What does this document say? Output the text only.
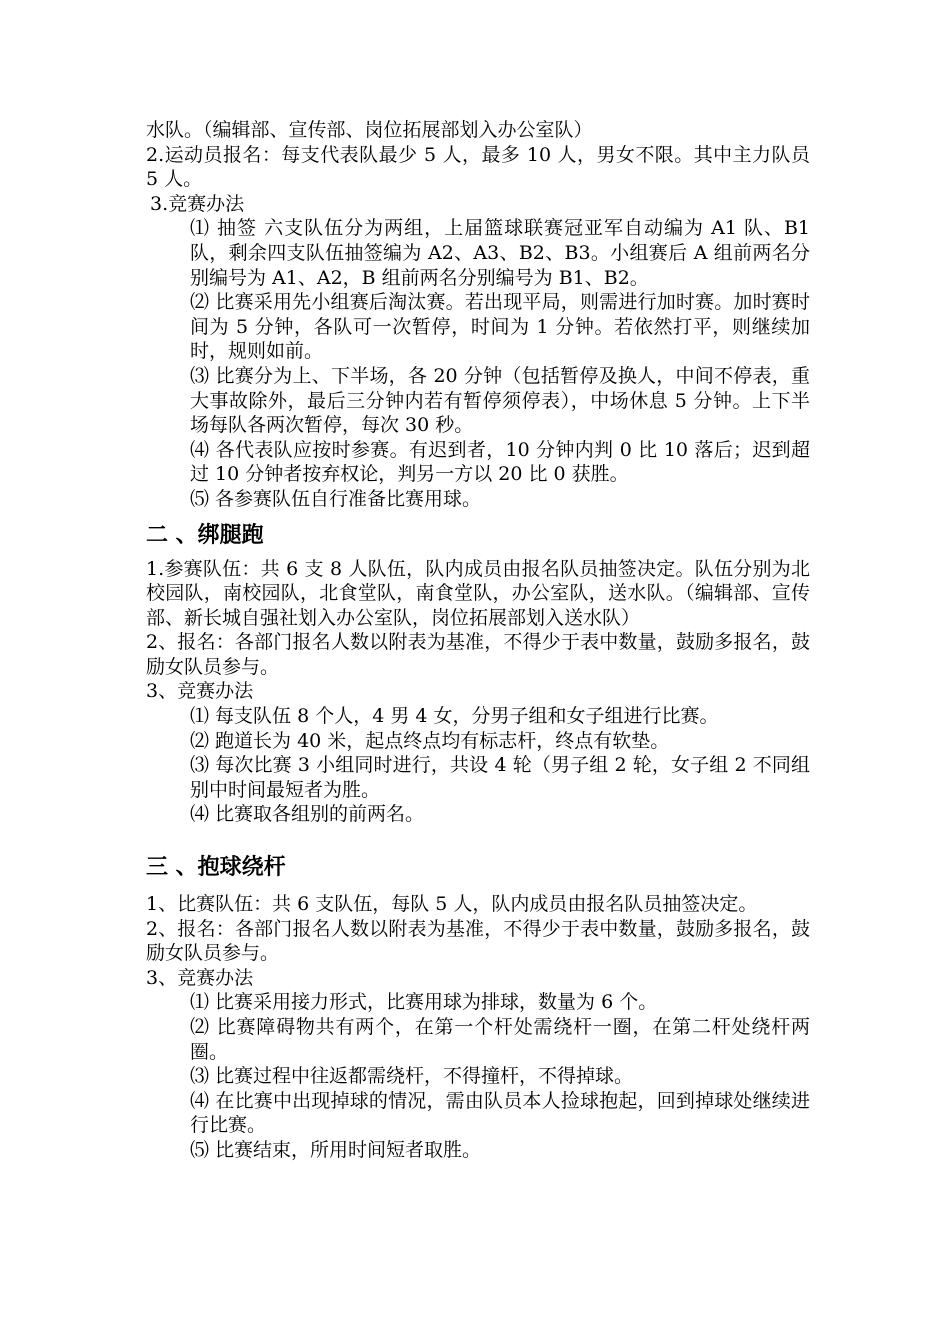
水队。（编辑部、宣传部、岗位拓展部划入办公室队）

2.运动员报名：每支代表队最少 5 人，最多 10 人，男女不限。其中主力队员 5 人。

3.竞赛办法

⑴ 抽签 六支队伍分为两组，上届篮球联赛冠亚军自动编为 A1 队、B1 队，剩余四支队伍抽签编为 A2、A3、B2、B3。小组赛后 A 组前两名分别编号为 A1、A2，B 组前两名分别编号为 B1、B2。

⑵ 比赛采用先小组赛后淘汰赛。若出现平局，则需进行加时赛。加时赛时间为 5 分钟，各队可一次暂停，时间为 1 分钟。若依然打平，则继续加时，规则如前。

⑶ 比赛分为上、下半场，各 20 分钟（包括暂停及换人，中间不停表，重大事故除外，最后三分钟内若有暂停须停表），中场休息 5 分钟。上下半场每队各两次暂停，每次 30 秒。

⑷ 各代表队应按时参赛。有迟到者，10 分钟内判 0 比 10 落后；迟到超过 10 分钟者按弃权论，判另一方以 20 比 0 获胜。

⑸ 各参赛队伍自行准备比赛用球。

二 、绑腿跑

1.参赛队伍：共 6 支 8 人队伍，队内成员由报名队员抽签决定。队伍分别为北校园队，南校园队，北食堂队，南食堂队，办公室队，送水队。（编辑部、宣传部、新长城自强社划入办公室队，岗位拓展部划入送水队）

2、报名：各部门报名人数以附表为基准，不得少于表中数量，鼓励多报名，鼓励女队员参与。

3、竞赛办法

⑴ 每支队伍 8 个人，4 男 4 女，分男子组和女子组进行比赛。

⑵ 跑道长为 40 米，起点终点均有标志杆，终点有软垫。

⑶ 每次比赛 3 小组同时进行，共设 4 轮（男子组 2 轮，女子组 2 不同组别中时间最短者为胜。

⑷ 比赛取各组别的前两名。

三 、抱球绕杆

1、比赛队伍：共 6 支队伍，每队 5 人，队内成员由报名队员抽签决定。

2、报名：各部门报名人数以附表为基准，不得少于表中数量，鼓励多报名，鼓励女队员参与。

3、竞赛办法

⑴ 比赛采用接力形式，比赛用球为排球，数量为 6 个。

⑵ 比赛障碍物共有两个，在第一个杆处需绕杆一圈，在第二杆处绕杆两圈。

⑶ 比赛过程中往返都需绕杆，不得撞杆，不得掉球。

⑷ 在比赛中出现掉球的情况，需由队员本人捡球抱起，回到掉球处继续进行比赛。

⑸ 比赛结束，所用时间短者取胜。
